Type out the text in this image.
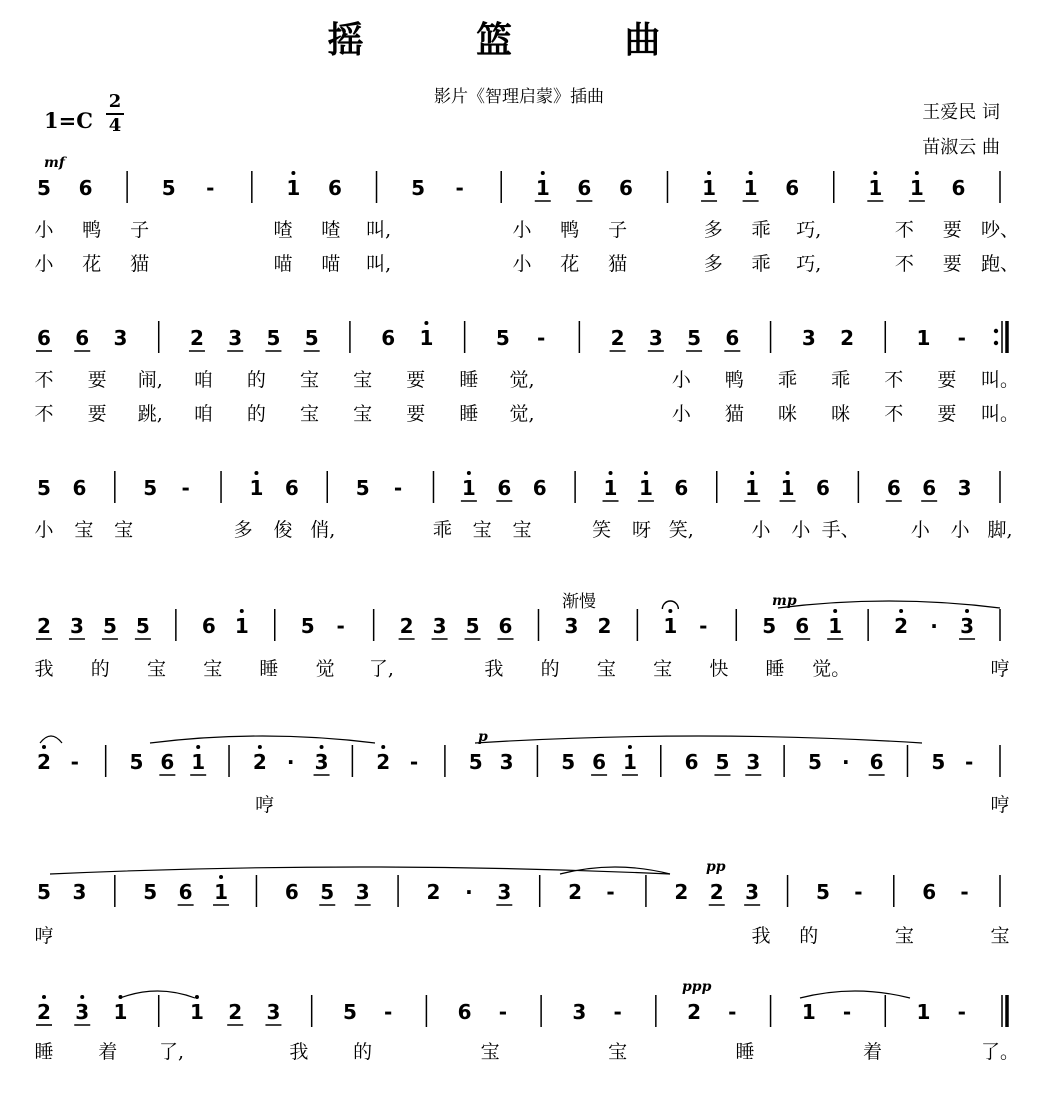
摇 篮 曲
影片《智理启蒙》插曲
1=C
2
4
王爱民 词
苗淑云 曲
5 6	5 -	1 6	5 -	1 6 6	1 1 6	1 1 6
mf
小 鸭 子	喳 喳 叫,	小 鸭 子	多 乖 巧,	不 要 吵、
小 花 猫	喵 喵 叫,	小 花 猫	多 乖 巧,	不 要 跑、
6 6 3	2 3 5 5	6 1	5 -	2 3 5 6	3 2	1 -
不 要 闹, 咱 的 宝 宝 要 睡 觉,	小 鸭 乖 乖 不 要 叫。
不 要 跳, 咱 的 宝 宝 要 睡 觉,	小 猫 咪 咪 不 要 叫。
5 6	5 -	1 6	5 -	1 6 6	1 1 6	1 1 6	6 6 3
小 宝 宝	多 俊 俏,	乖 宝 宝	笑 呀 笑,	小 小 手、	小 小 脚,
2 3 5 5	6 1	5 -	2 3 5 6	3 2	1 -	5 6 1	2 · 3
mp
渐慢
我 的 宝 宝 睡 觉 了,	我 的 宝 宝 快 睡 觉。	哼
2 -	5 6 1 2 · 3 2 -	5 3 5 6 1 6 5 3 5 · 6 5 -
p
哼	哼
5 3	5 6 1	6 5 3	2 · 3	2 -	2 2 3	5 -	6 -
pp
哼	我 的	宝	宝
2 3 1	1 2 3	5 -	6 -	3 -	2 -	1 -	1 -
ppp
睡 着 了,	我 的	宝	宝	睡	着	了。
